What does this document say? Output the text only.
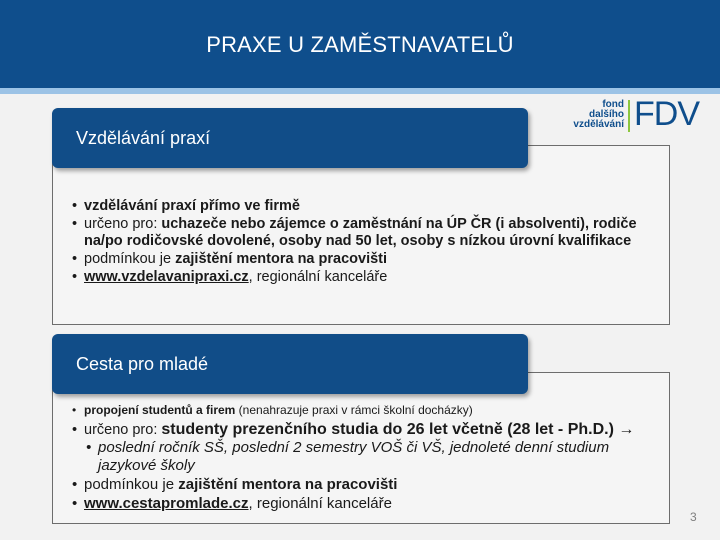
PRAXE U ZAMĚSTNAVATELŮ
fond
dalšího
vzdělávání FDV
Vzdělávání praxí
• vzdělávání praxí přímo ve firmě
• určeno pro: uchazeče nebo zájemce o zaměstnání na ÚP ČR (i absolventi), rodiče na/po rodičovské dovolené, osoby nad 50 let, osoby s nízkou úrovní kvalifikace
• podmínkou je zajištění mentora na pracovišti
• www.vzdelavanipraxi.cz, regionální kanceláře
Cesta pro mladé
• propojení studentů a firem (nenahrazuje praxi v rámci školní docházky)
• určeno pro: studenty prezenčního studia do 26 let včetně (28 let - Ph.D.) →
• poslední ročník SŠ, poslední 2 semestry VOŠ či VŠ, jednoleté denní studium jazykové školy
• podmínkou je zajištění mentora na pracovišti
• www.cestapromlade.cz, regionální kanceláře
3
